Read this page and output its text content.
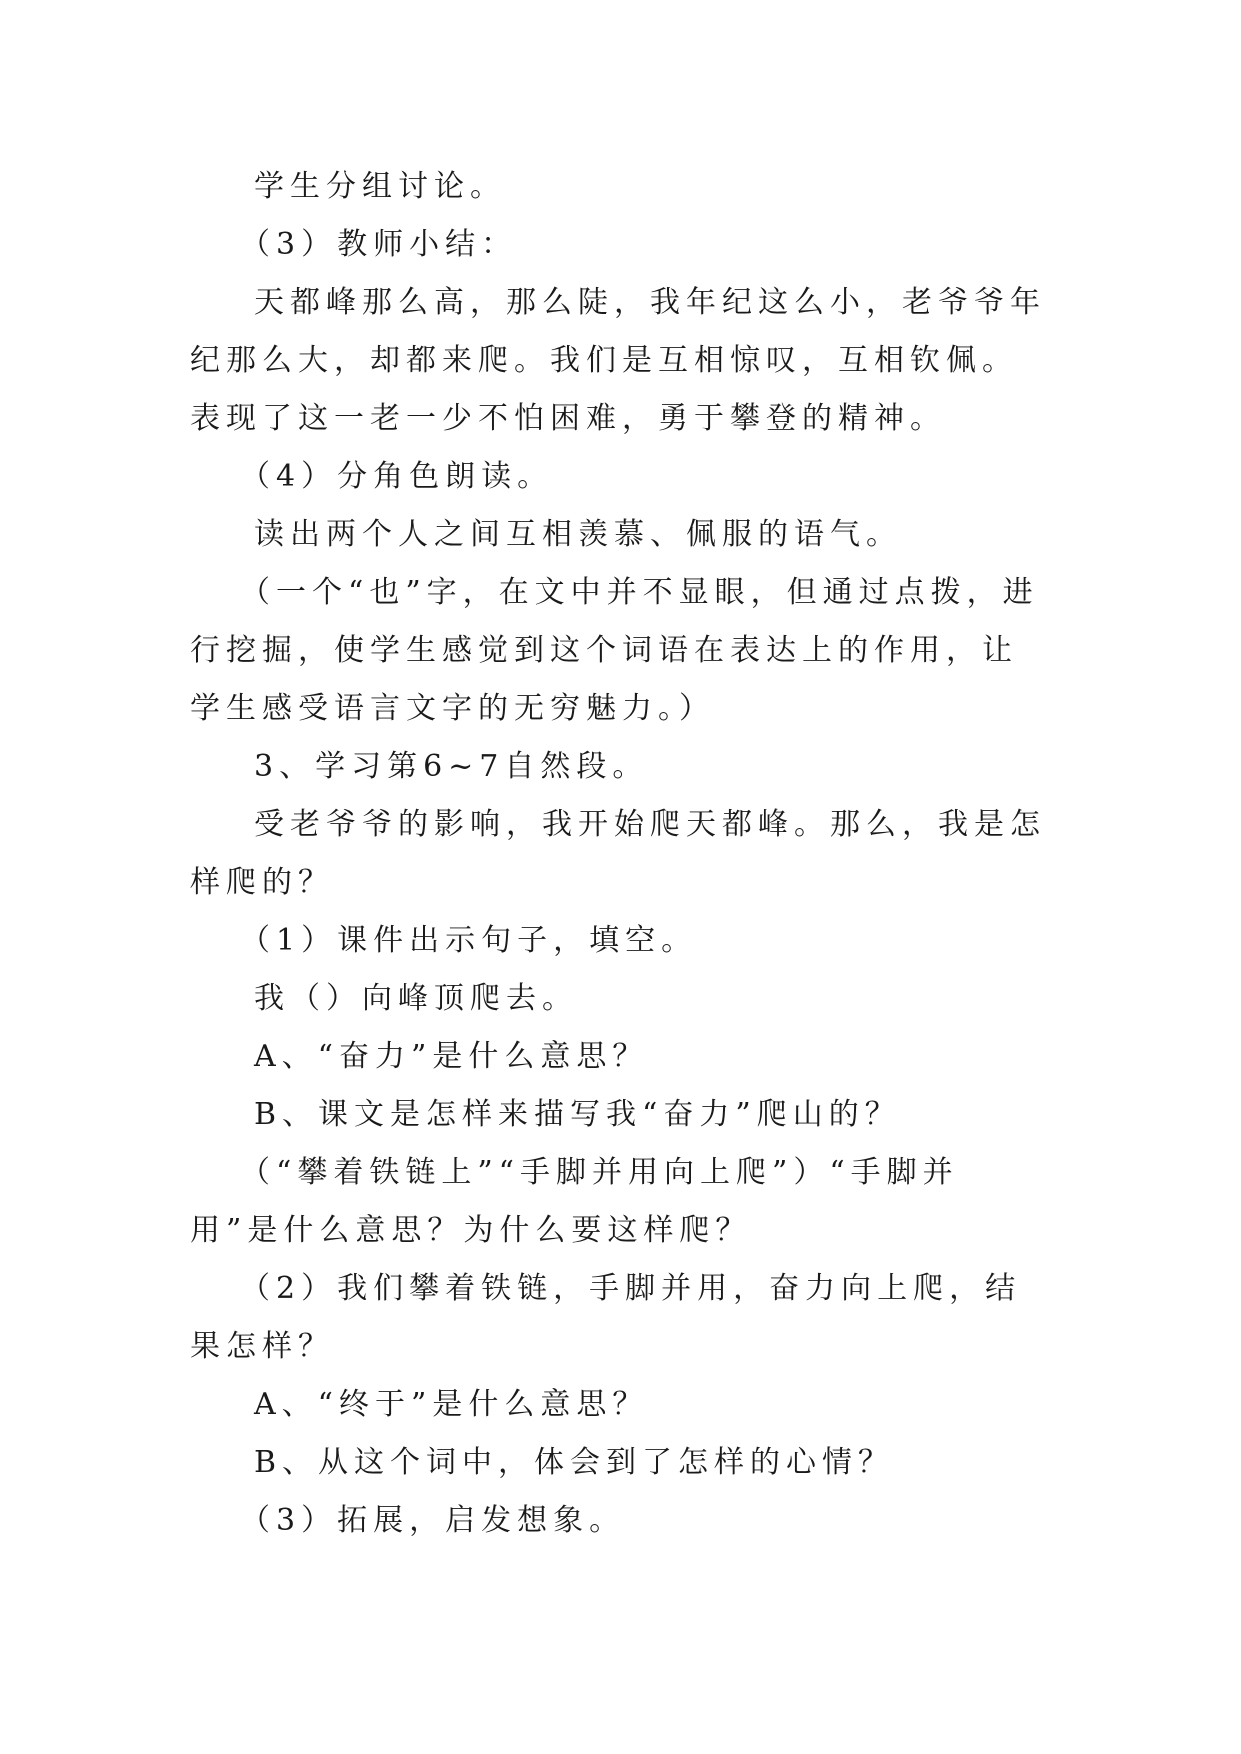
学生分组讨论。

（3）教师小结：

天都峰那么高，那么陡，我年纪这么小，老爷爷年纪那么大，却都来爬。我们是互相惊叹，互相钦佩。表现了这一老一少不怕困难，勇于攀登的精神。

（4）分角色朗读。

读出两个人之间互相羡慕、佩服的语气。

（一个“也”字，在文中并不显眼，但通过点拨，进行挖掘，使学生感觉到这个词语在表达上的作用，让学生感受语言文字的无穷魅力。）

3、学习第6~7自然段。

受老爷爷的影响，我开始爬天都峰。那么，我是怎样爬的？

（1）课件出示句子，填空。

我（）向峰顶爬去。

A、“奋力”是什么意思？

B、课文是怎样来描写我“奋力”爬山的？

（“攀着铁链上”“手脚并用向上爬”）“手脚并用”是什么意思？为什么要这样爬？

（2）我们攀着铁链，手脚并用，奋力向上爬，结果怎样？

A、“终于”是什么意思？

B、从这个词中，体会到了怎样的心情？

（3）拓展，启发想象。
